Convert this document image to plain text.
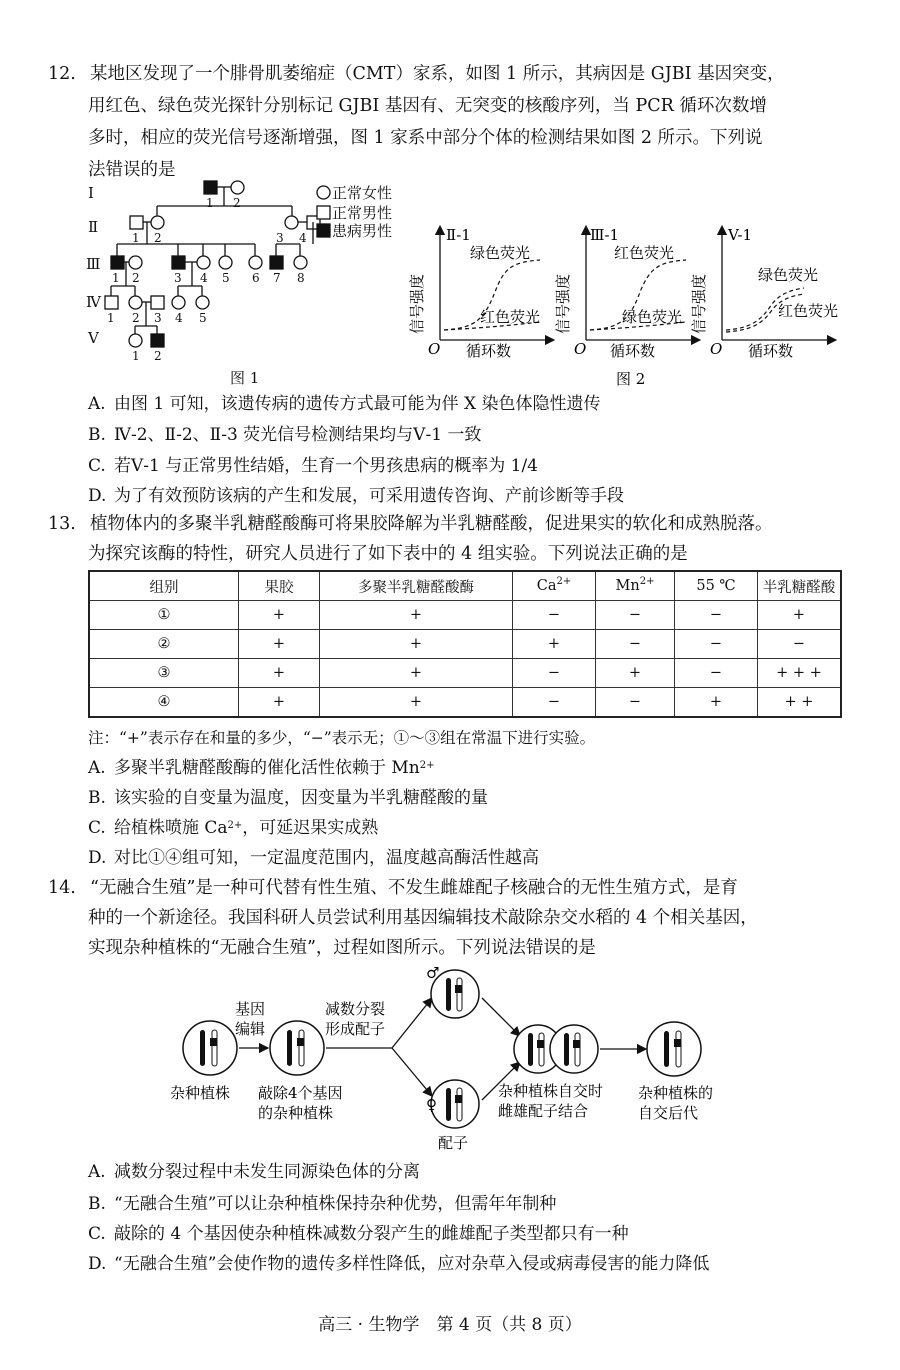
12. 某地区发现了一个腓骨肌萎缩症（CMT）家系，如图 1 所示，其病因是 GJBI 基因突变，
用红色、绿色荧光探针分别标记 GJBI 基因有、无突变的核酸序列，当 PCR 循环次数增
多时，相应的荧光信号逐渐增强，图 1 家系中部分个体的检测结果如图 2 所示。下列说
法错误的是
Ⅰ
Ⅱ
Ⅲ
Ⅳ
Ⅴ
1 2
1 2	3 4
1 2	3 4 5 6 7 8
1 2 3 4 5
1 2
正常女性
正常男性
患病男性
图 1
O
Ⅱ-1
循环数
信号强度
绿色荧光
红色荧光
O
Ⅲ-1
循环数
信号强度
红色荧光
绿色荧光
O
V-1
循环数
信号强度	绿色荧光
红色荧光
图 2
A. 由图 1 可知，该遗传病的遗传方式最可能为伴 X 染色体隐性遗传
B. Ⅳ-2、Ⅱ-2、Ⅱ-3 荧光信号检测结果均与Ⅴ-1 一致
C. 若Ⅴ-1 与正常男性结婚，生育一个男孩患病的概率为 1/4
D. 为了有效预防该病的产生和发展，可采用遗传咨询、产前诊断等手段
13. 植物体内的多聚半乳糖醛酸酶可将果胶降解为半乳糖醛酸，促进果实的软化和成熟脱落。
为探究该酶的特性，研究人员进行了如下表中的 4 组实验。下列说法正确的是
组别	果胶	多聚半乳糖醛酸酶	$Ca^{2+}$	$Mn^{2+}$	55 ℃	半乳糖醛酸
①	+	+	−	−	−	+
②	+	+	+	−	−	−
③	+	+	−	+	−	+ + +
④	+	+	−	−	+	+ +
注：“+”表示存在和量的多少，“−”表示无；①～③组在常温下进行实验。
A. 多聚半乳糖醛酸酶的催化活性依赖于 $Mn^{2+}$
B. 该实验的自变量为温度，因变量为半乳糖醛酸的量
C. 给植株喷施 $Ca^{2+}$，可延迟果实成熟
D. 对比①④组可知，一定温度范围内，温度越高酶活性越高
14. “无融合生殖”是一种可代替有性生殖、不发生雌雄配子核融合的无性生殖方式，是育
种的一个新途径。我国科研人员尝试利用基因编辑技术敲除杂交水稻的 4 个相关基因，
实现杂种植株的“无融合生殖”，过程如图所示。下列说法错误的是
杂种植株
基因
编辑
敲除4个基因
的杂种植株
减数分裂
形成配子
♂
♀
配子
杂种植株自交时
雌雄配子结合
杂种植株的
自交后代
A. 减数分裂过程中未发生同源染色体的分离
B. “无融合生殖”可以让杂种植株保持杂种优势，但需年年制种
C. 敲除的 4 个基因使杂种植株减数分裂产生的雌雄配子类型都只有一种
D. “无融合生殖”会使作物的遗传多样性降低，应对杂草入侵或病毒侵害的能力降低
高三 · 生物学　第 4 页（共 8 页）
